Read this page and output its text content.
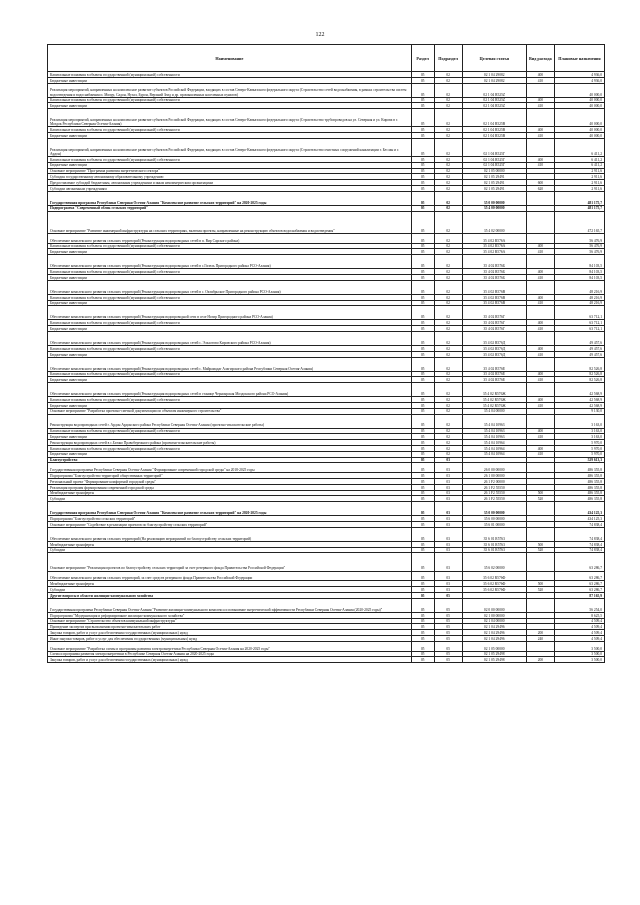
122
Наименование	Раздел	Подраздел	Целевая статья	Вид расхода	Плановые назначения
Капитальные вложения в объекты государственной (муниципальной) собственности	05	02	02 1 04 29082	400	4 936,0
Бюджетные инвестиции	05	02	02 1 04 29082	410	4 936,0
Реализация мероприятий, направленных на комплексное развитие субъектов Российской Федерации, входящих в состав Северо-Кавказского федерального округа (Строительство сетей водоснабжения, в рамках строительства систем водоотведения и водоснабжения п. Мизур, Садон, Нузал, Бурон, Верхний Згид и др. промышленных населенных пунктов)	05	02	02 1 04 R525Z		40 000,0
Капитальные вложения в объекты государственной (муниципальной) собственности	05	02	02 1 04 R525Z	400	40 000,0
Бюджетные инвестиции	05	02	02 1 04 R525Z	410	40 000,0
Реализация мероприятий, направленных на комплексное развитие субъектов Российской Федерации, входящих в состав Северо-Кавказского федерального округа (Строительство трубопроводов на ул. Северная и ул. Кирова в г. Моздок Республики Северная Осетия-Алания)	05	02	02 1 04 R525В		40 000,0
Капитальные вложения в объекты государственной (муниципальной) собственности	05	02	02 1 04 R525В	400	40 000,0
Бюджетные инвестиции	05	02	02 1 04 R525В	410	40 000,0
Реализация мероприятий, направленных на комплексное развитие субъектов Российской Федерации, входящих в состав Северо-Кавказского федерального округа (Строительство очистных сооружений канализации г. Беслан и г. Ардон)	05	02	02 1 04 R525Г		6 411,2
Капитальные вложения в объекты государственной (муниципальной) собственности	05	02	02 1 04 R525Г	400	6 411,2
Бюджетные инвестиции	05	02	02 1 04 R525Г	410	6 411,2
Основное мероприятие "Программа развития энергетического сектора"	05	02	02 1 05 00000		2 911,6
Субсидия государственному автономному образовательному учреждению	05	02	02 1 05 29491		2 911,6
Предоставление субсидий бюджетным, автономным учреждениям и иным некоммерческим организациям	05	02	02 1 05 29491	600	2 911,6
Субсидии автономным учреждениям	05	02	02 1 05 29491	620	2 911,6
Государственная программа Республики Северная Осетия-Алания "Комплексное развитие сельских территорий" на 2020-2025 годы	05	02	35 0 00 00000		481 175,7
Подпрограмма "Современный облик сельских территорий"	05	02	35 4 00 00000		481 175,7
Основное мероприятие "Развитие инженерной инфраструктуры на сельских территориях, включая проекты, направленные на реконструкцию объектов водоснабжения и водоотведения"	05	02	35 4 02 00000		472 165,7
Обеспечение комплексного развития сельских территорий (Реконструкция водопроводных сетей в п. Вир Сарского района)	05	02	35 4 02 R576А		56 476,9
Капитальные вложения в объекты государственной (муниципальной) собственности	05	02	35 4 02 R576А	400	56 476,9
Бюджетные инвестиции	05	02	35 4 02 R576А	410	56 476,9
Обеспечение комплексного развития сельских территорий (Реконструкция водопроводных сетей в с.Гизель Пригородного района РСО-Алания)	05	02	35 4 02 R576Б		84 103,5
Капитальные вложения в объекты государственной (муниципальной) собственности	05	02	35 4 02 R576Б	400	84 103,5
Бюджетные инвестиции	05	02	35 4 02 R576Б	410	84 103,5
Обеспечение комплексного развития сельских территорий (Реконструкция водопроводных сетей в с. Октябрьское Пригородного района РСО-Алания)	05	02	35 4 02 R576В		48 216,9
Капитальные вложения в объекты государственной (муниципальной) собственности	05	02	35 4 02 R576В	400	48 216,9
Бюджетные инвестиции	05	02	35 4 02 R576В	410	48 216,9
Обеспечение комплексного развития сельских территорий (Реконструкция водопроводной сети в селе Ногир Пригородного района РСО-Алания)	05	02	35 4 02 R576Г		63 712,1
Капитальные вложения в объекты государственной (муниципальной) собственности	05	02	35 4 02 R576Г	400	63 712,1
Бюджетные инвестиции	05	02	35 4 02 R576Г	410	63 712,1
Обеспечение комплексного развития сельских территорий (Реконструкция водопроводных сетей с. Эльхотово Кировского района РСО-Алания)	05	02	35 4 02 R576Д		49 457,6
Капитальные вложения в объекты государственной (муниципальной) собственности	05	02	35 4 02 R576Д	400	49 457,6
Бюджетные инвестиции	05	02	35 4 02 R576Д	410	49 457,6
Обеспечение комплексного развития сельских территорий (Реконструкция водопроводных сетей с. Майрамадаг Алагирского района Республики Северная Осетия-Алания)	05	02	35 4 02 R576Е		82 526,8
Капитальные вложения в объекты государственной (муниципальной) собственности	05	02	35 4 02 R576Е	400	82 526,8
Бюджетные инвестиции	05	02	35 4 02 R576Е	410	82 526,8
Обеспечение комплексного развития сельских территорий (Реконструкция водопроводных сетей в станице Черноярская Моздокского района РСО-Алания)	05	02	35 4 02 R576Ж		42 568,9
Капитальные вложения в объекты государственной (муниципальной) собственности	05	02	35 4 02 R576Ж	400	42 568,9
Бюджетные инвестиции	05	02	35 4 02 R576Ж	410	42 568,9
Основное мероприятие "Разработка проектно-сметной документации по объектам инженерного строительства"	05	02	35 4 04 00000		9 130,0
Реконструкция водопроводных сетей г. Ардон Ардонского района Республики Северная Осетия-Алания (проектно-изыскательские работы)	05	02	35 4 04 10963		3 163,0
Капитальные вложения в объекты государственной (муниципальной) собственности	05	02	35 4 04 10963	400	3 163,0
Бюджетные инвестиции	05	02	35 4 04 10963	410	3 163,0
Реконструкция водопроводных сетей в с.Батако Правобережного района (проектно-изыскательские работы)	05	02	35 4 04 10964		5 970,0
Капитальные вложения в объекты государственной (муниципальной) собственности	05	02	35 4 04 10964	400	5 970,0
Бюджетные инвестиции	05	02	35 4 04 10964	410	5 970,0
Благоустройство	05	03			529 613,3
Государственная программа Республики Северная Осетия-Алания "Формирование современной городской среды" на 2018-2025 годы	05	03	26 0 00 00000		486 355,8
Подпрограмма "Благоустройство территорий общественных территорий"	05	03	26 1 00 00000		486 355,8
Региональный проект "Формирование комфортной городской среды"	05	03	26 1 F2 00000		486 355,8
Реализация программ формирования современной городской среды	05	03	26 1 F2 55550		486 355,8
Межбюджетные трансферты	05	03	26 1 F2 55550	500	486 355,8
Субсидии	05	03	26 1 F2 55550	520	486 355,8
Государственная программа Республики Северная Осетия-Алания "Комплексное развитие сельских территорий" на 2020-2025 годы	05	03	35 0 00 00000		434 125,3
Подпрограмма "Благоустройство сельских территорий"	05	03	35 6 00 00000		434 125,3
Основное мероприятие "Содействие в реализации проектов по благоустройству сельских территорий"	05	03	35 6 01 00000		74 838,4
Обеспечение комплексного развития сельских территорий (На реализацию мероприятий по благоустройству сельских территорий)	05	03	35 6 01 R5763		74 838,4
Межбюджетные трансферты	05	03	35 6 01 R5763	500	74 838,4
Субсидии	05	03	35 6 01 R5763	520	74 838,4
Основное мероприятие "Реализация проектов по благоустройству сельских территорий за счет резервного фонда Правительства Российской Федерации"	05	03	35 6 02 00000		63 286,7
Обеспечение комплексного развития сельских территорий, за счет средств резервного фонда Правительства Российской Федерации	05	03	35 6 02 R576Ф		63 286,7
Межбюджетные трансферты	05	03	35 6 02 R576Ф	500	63 286,7
Субсидии	05	03	35 6 02 R576Ф	520	63 286,7
Другие вопросы в области жилищно-коммунального хозяйства	05	05			87 165,9
Государственная программа Республики Северная Осетия-Алания "Развитие жилищно-коммунального комплекса и повышение энергетической эффективности Республики Северная Осетия-Алания (2020-2025 годы)"	05	05	02 0 00 00000		56 254,0
Подпрограмма "Модернизация и реформирование жилищно-коммунального хозяйства"	05	05	02 1 00 00000		8 625,5
Основное мероприятие "Строительство объектов коммунальной инфраструктуры"	05	05	02 1 04 00000		4 509,4
Проведение экспертиз при выполнении проектно-изыскательских работ	05	05	02 1 04 29496		4 509,4
Закупка товаров, работ и услуг для обеспечения государственных (муниципальных) нужд	05	05	02 1 04 29496	200	4 509,4
Иные закупки товаров, работ и услуг для обеспечения государственных (муниципальных) нужд	05	05	02 1 04 29496	240	4 509,4
Основное мероприятие "Разработка схемы и программы развития электроэнергетики Республики Северная Осетия-Алания на 2020-2025 годы"	05	05	02 1 05 00000		3 500,0
Схема и программа развития электроэнергетики в Республике Северная Осетия-Алания на 2020-2025 годы	05	05	02 1 05 29498		3 500,0
Закупка товаров, работ и услуг для обеспечения государственных (муниципальных) нужд	05	05	02 1 05 29498	200	3 500,0
